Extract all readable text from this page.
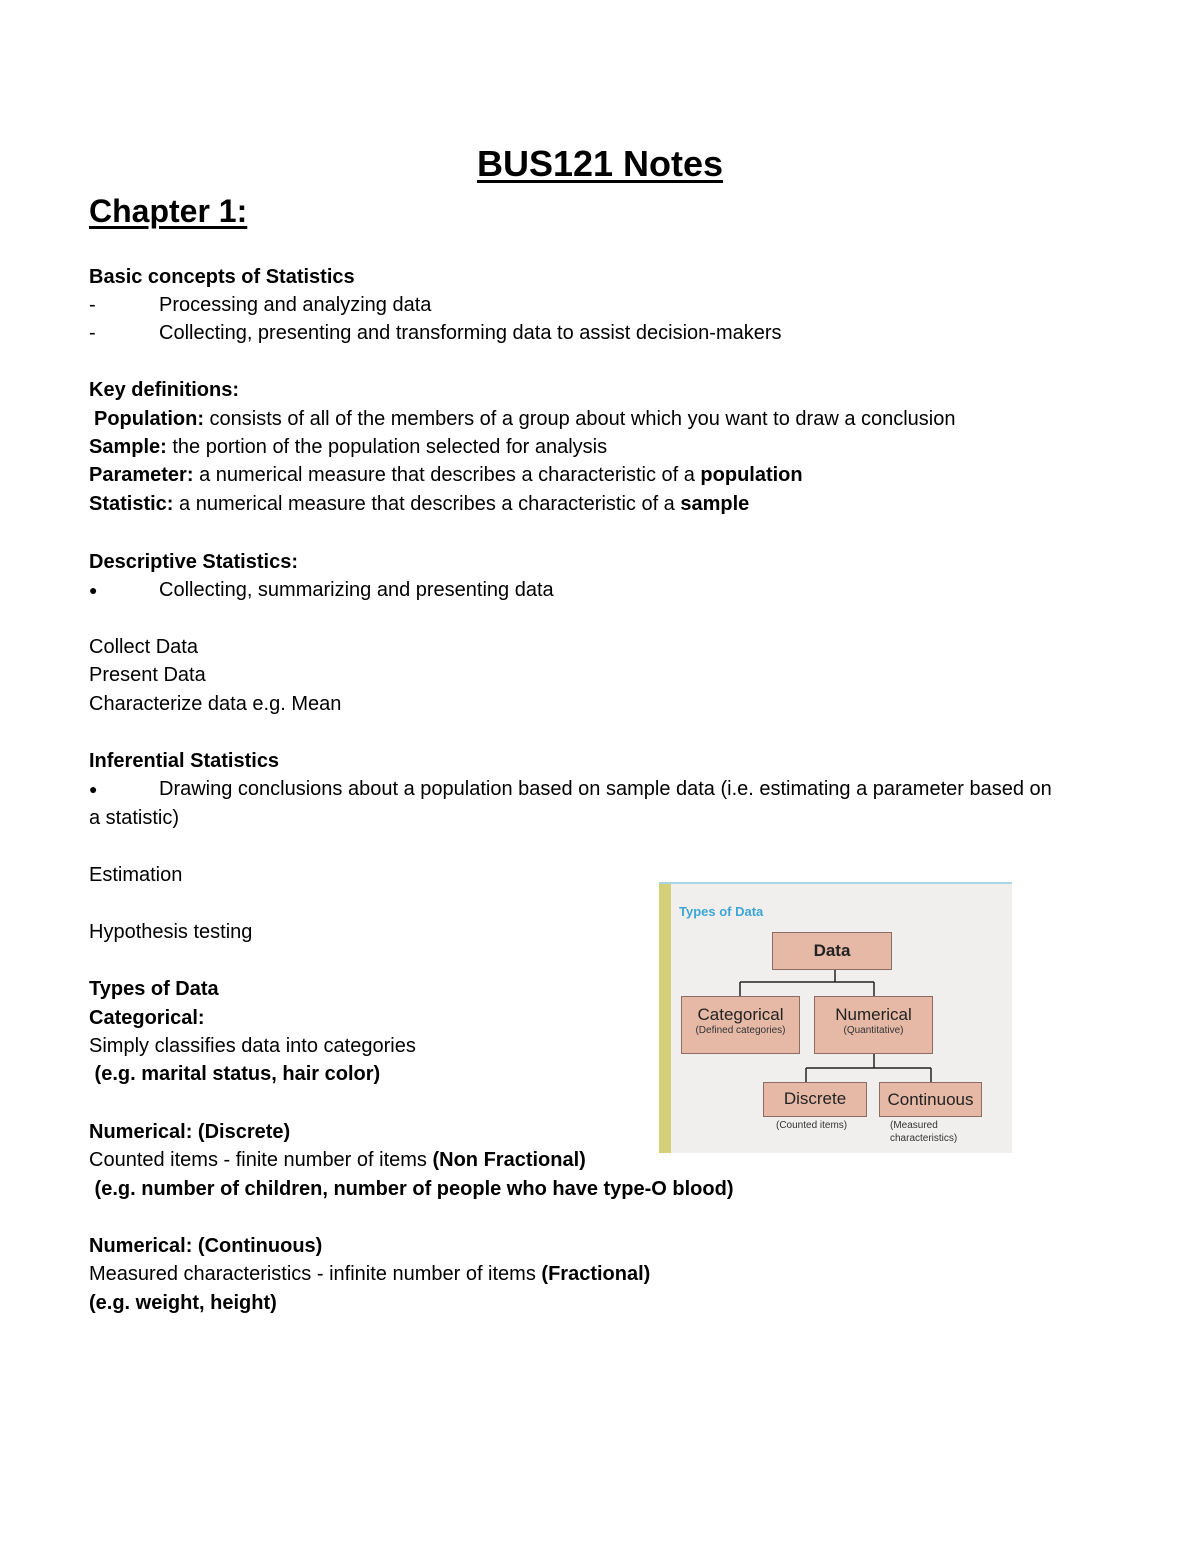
BUS121 Notes
Chapter 1:
Basic concepts of Statistics
-	Processing and analyzing data
-	Collecting, presenting and transforming data to assist decision-makers
Key definitions:
Population: consists of all of the members of a group about which you want to draw a conclusion
Sample: the portion of the population selected for analysis
Parameter: a numerical measure that describes a characteristic of a population
Statistic: a numerical measure that describes a characteristic of a sample
Descriptive Statistics:
●	Collecting, summarizing and presenting data
Collect Data
Present Data
Characterize data e.g. Mean
Inferential Statistics
●	Drawing conclusions about a population based on sample data (i.e. estimating a parameter based on
a statistic)
Estimation
Hypothesis testing
Types of Data
Categorical:
Simply classifies data into categories
(e.g. marital status, hair color)
Numerical: (Discrete)
Counted items - finite number of items (Non Fractional)
(e.g. number of children, number of people who have type-O blood)
Numerical: (Continuous)
Measured characteristics - infinite number of items (Fractional)
(e.g. weight, height)
Types of Data
Data
Categorical
(Defined categories)
Numerical
(Quantitative)
Discrete
(Counted items)
Continuous
(Measured
characteristics)
